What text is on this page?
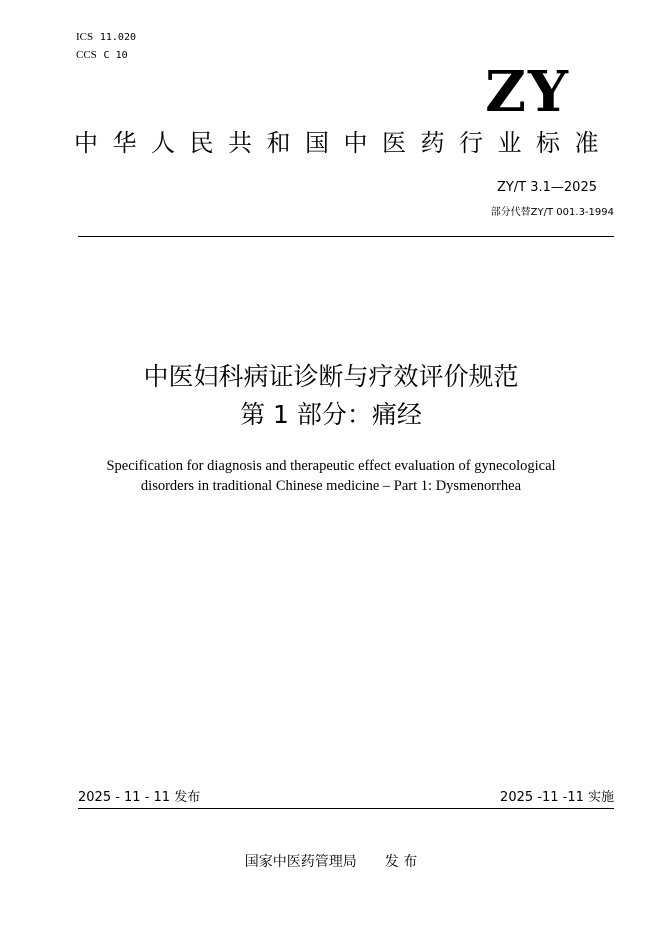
ICS 11.020
CCS C 10
ZY
中华人民共和国中医药行业标准
ZY/T 3.1—2025
部分代替ZY/T 001.3-1994
中医妇科病证诊断与疗效评价规范
第 1 部分：痛经
Specification for diagnosis and therapeutic effect evaluation of gynecological
disorders in traditional Chinese medicine – Part 1: Dysmenorrhea
2025 - 11 - 11 发布	2025 -11 -11 实施
国家中医药管理局 发 布
